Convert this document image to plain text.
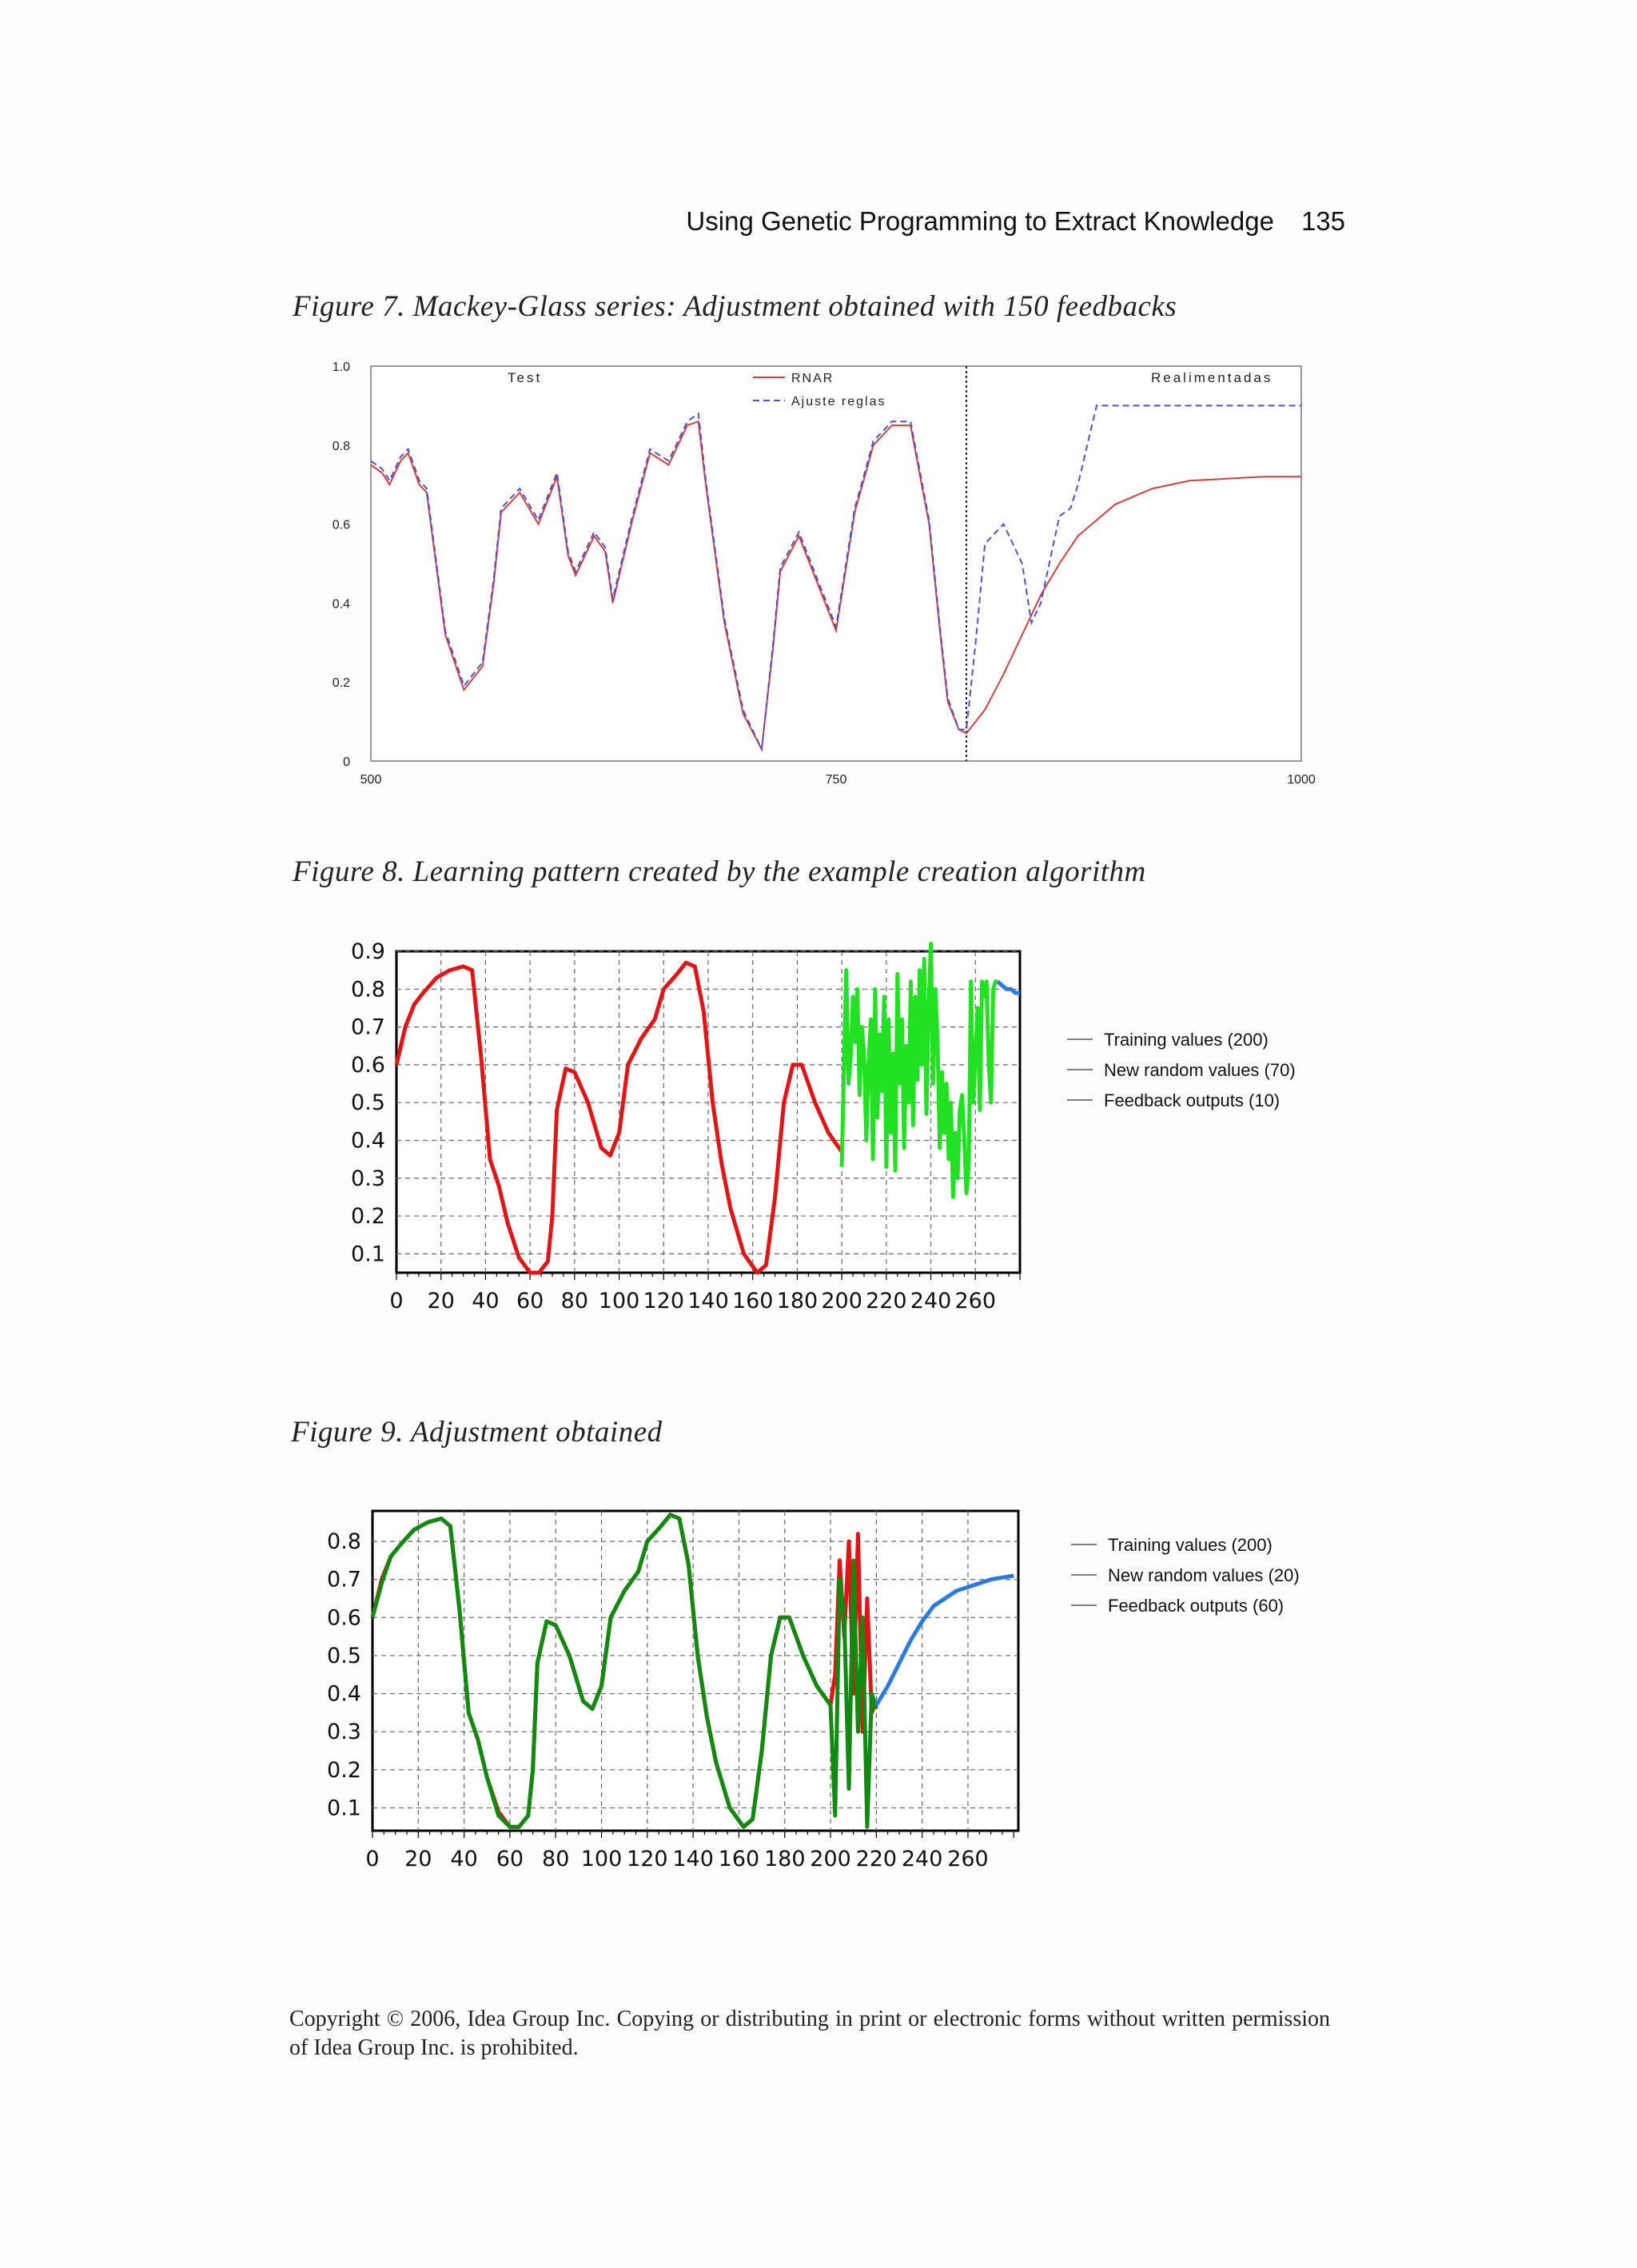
Using Genetic Programming to Extract Knowledge 135
Figure 7. Mackey-Glass series: Adjustment obtained with 150 feedbacks
0
0.2
0.4
0.6
0.8
1.0
500	750	1000
Test	Realimentadas
RNAR
Ajuste reglas
Figure 8. Learning pattern created by the example creation algorithm
0.1
0.2
0.3
0.4
0.5
0.6
0.7
0.8
0.9
0 20 40 60 80 100 120 140 160 180 200 220 240 260
Training values (200)
New random values (70)
Feedback outputs (10)
Figure 9. Adjustment obtained
0.1
0.2
0.3
0.4
0.5
0.6
0.7
0.8
0 20 40 60 80 100 120 140 160 180 200 220 240 260
Training values (200)
New random values (20)
Feedback outputs (60)
Copyright © 2006, Idea Group Inc. Copying or distributing in print or electronic forms without written permission of Idea Group Inc. is prohibited.
